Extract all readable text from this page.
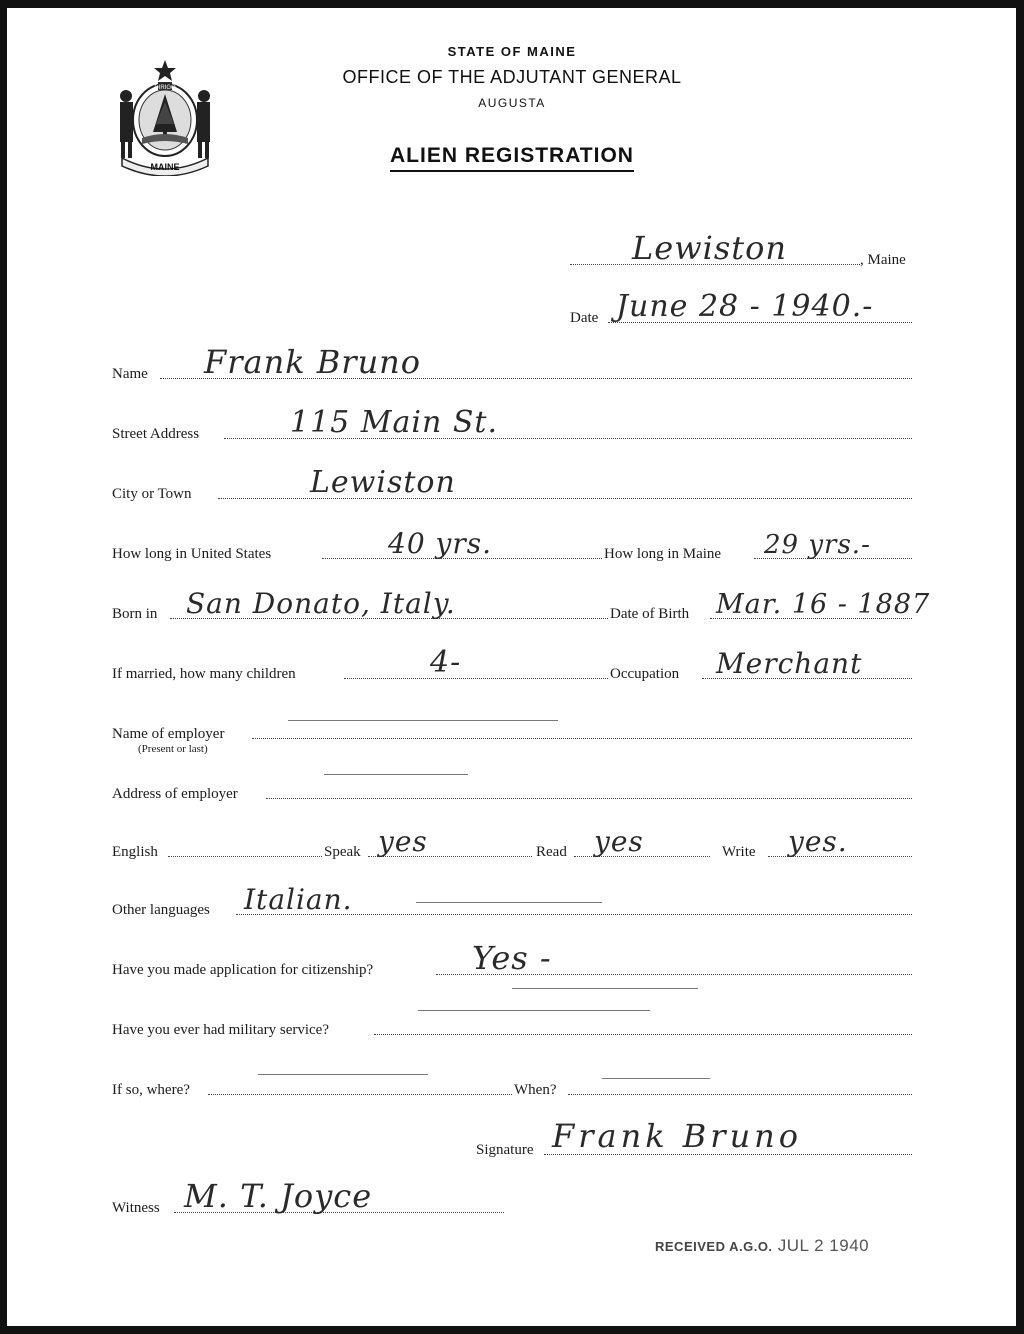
MAINE
DIRIGO
STATE OF MAINE
OFFICE OF THE ADJUTANT GENERAL
AUGUSTA
ALIEN REGISTRATION
Lewiston	, Maine
Date June 28 - 1940.-
Name Frank Bruno
Street Address	115 Main St.
City or Town	Lewiston
How long in United States	40 yrs.	How long in Maine 29 yrs.-
Born in San Donato, Italy.	Date of Birth Mar. 16 - 1887
If married, how many children	4-	Occupation Merchant
Name of employer
(Present or last)
Address of employer
English	Speak yes	Read yes	Write yes.
Other languages Italian.
Have you made application for citizenship?	Yes -
Have you ever had military service?
If so, where?	When?
Signature Frank Bruno
Witness M. T. Joyce
RECEIVED A.G.O. JUL 2 1940
